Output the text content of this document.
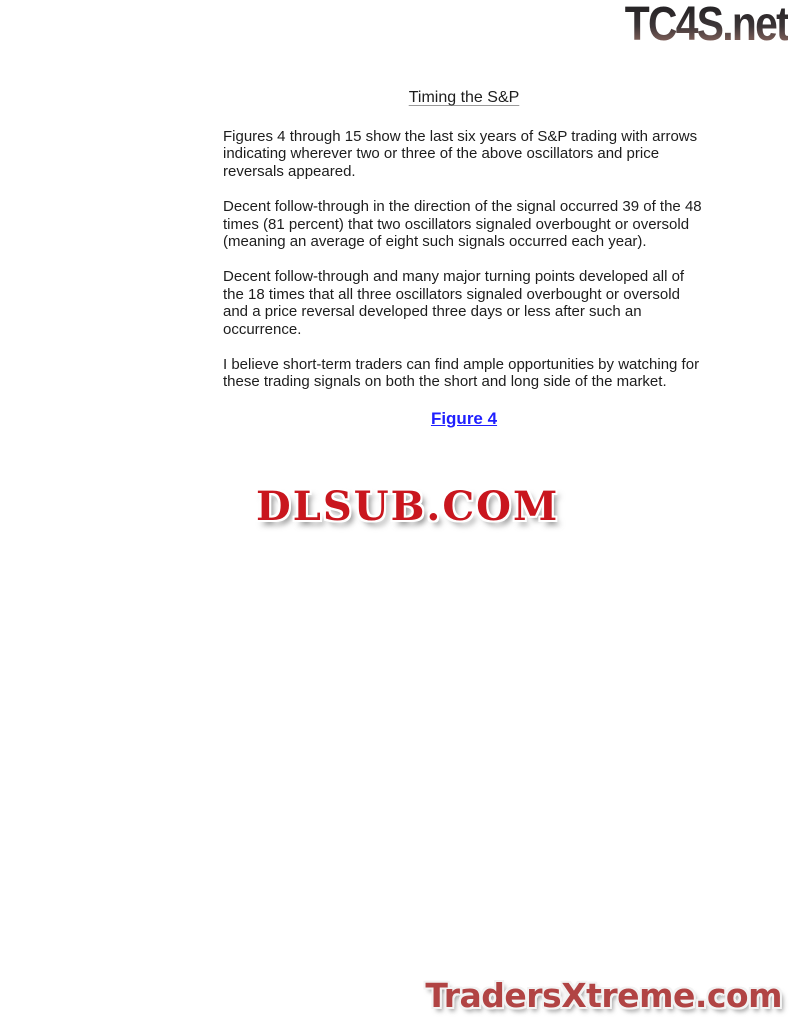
TC4S.net
Timing the S&P

Figures 4 through 15 show the last six years of S&P trading with arrows indicating wherever two or three of the above oscillators and price reversals appeared.

Decent follow-through in the direction of the signal occurred 39 of the 48 times (81 percent) that two oscillators signaled overbought or oversold (meaning an average of eight such signals occurred each year).

Decent follow-through and many major turning points developed all of the 18 times that all three oscillators signaled overbought or oversold and a price reversal developed three days or less after such an occurrence.

I believe short-term traders can find ample opportunities by watching for these trading signals on both the short and long side of the market.

Figure 4
DLSUB.COM
TradersXtreme.com
